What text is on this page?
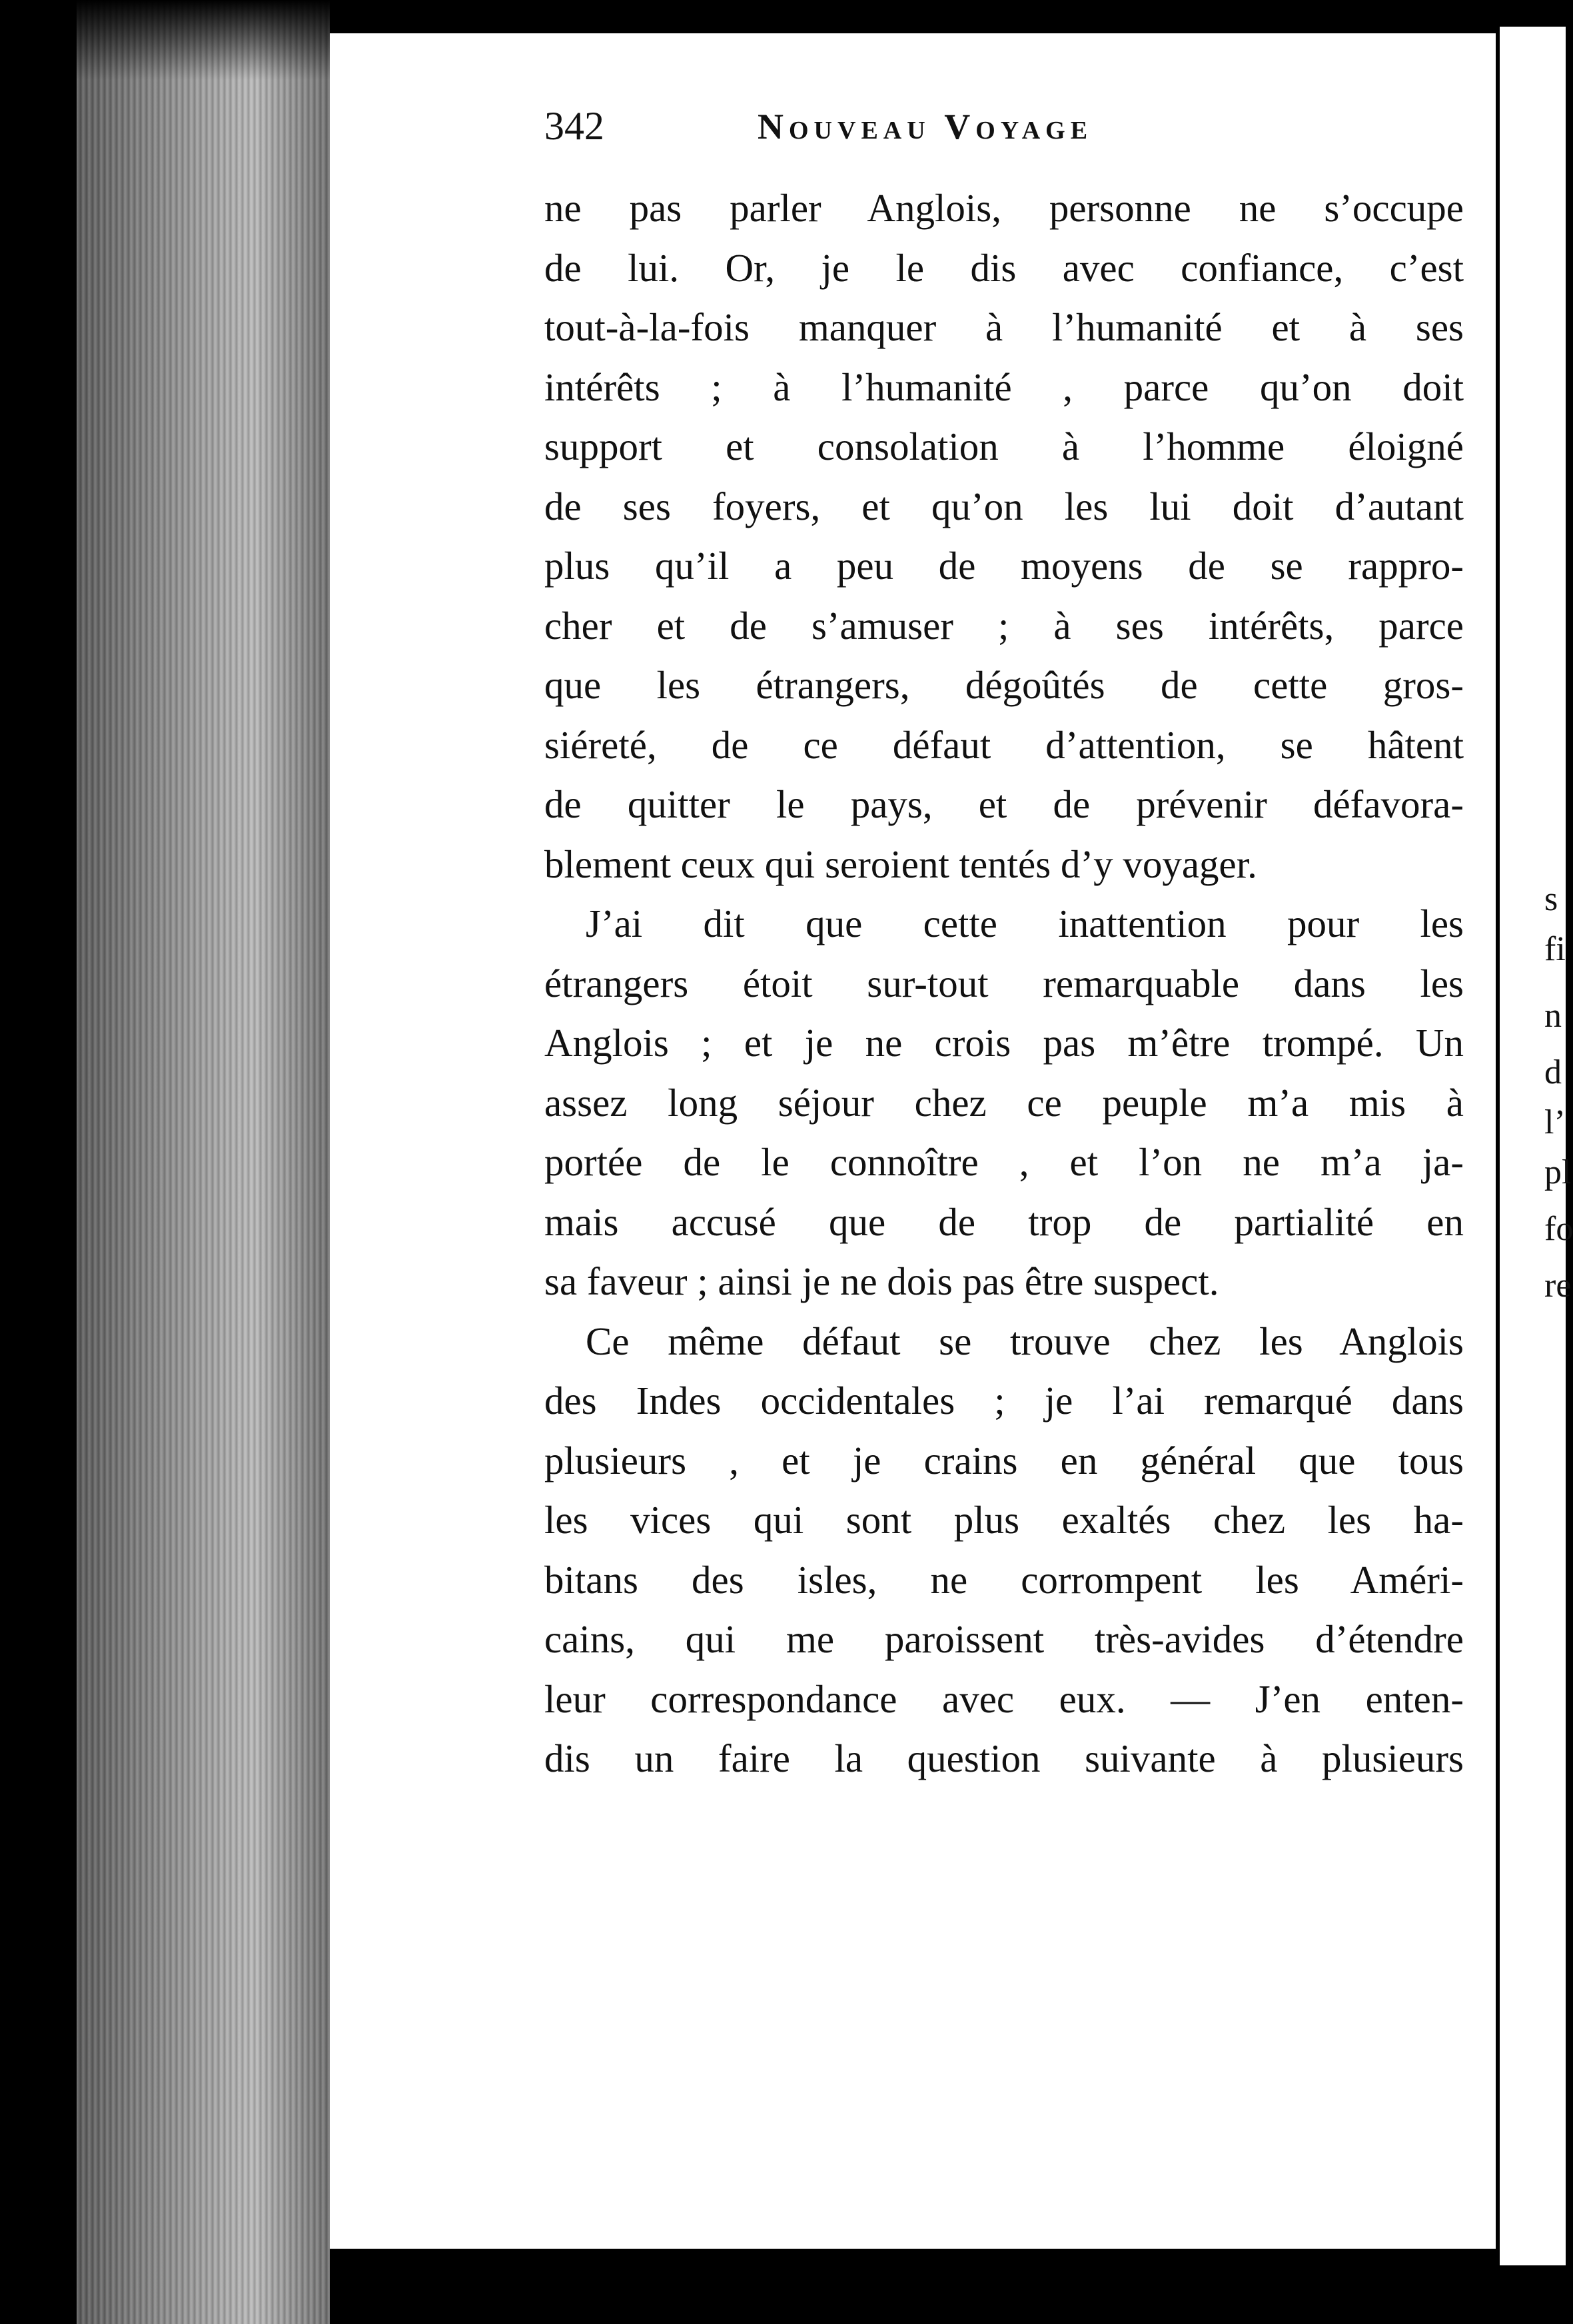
s
fi
n
d
l’
pl
fo
re
342	Nouveau Voyage
ne pas parler Anglois, personne ne s’occupe
de lui. Or, je le dis avec confiance, c’est
tout-à-la-fois manquer à l’humanité et à ses
intérêts ; à l’humanité , parce qu’on doit
support et consolation à l’homme éloigné
de ses foyers, et qu’on les lui doit d’autant
plus qu’il a peu de moyens de se rappro-
cher et de s’amuser ; à ses intérêts, parce
que les étrangers, dégoûtés de cette gros-
siéreté, de ce défaut d’attention, se hâtent
de quitter le pays, et de prévenir défavora-
blement ceux qui seroient tentés d’y voyager.
J’ai dit que cette inattention pour les
étrangers étoit sur-tout remarquable dans les
Anglois ; et je ne crois pas m’être trompé. Un
assez long séjour chez ce peuple m’a mis à
portée de le connoître , et l’on ne m’a ja-
mais accusé que de trop de partialité en
sa faveur ; ainsi je ne dois pas être suspect.
Ce même défaut se trouve chez les Anglois
des Indes occidentales ; je l’ai remarqué dans
plusieurs , et je crains en général que tous
les vices qui sont plus exaltés chez les ha-
bitans des isles, ne corrompent les Améri-
cains, qui me paroissent très-avides d’étendre
leur correspondance avec eux. — J’en enten-
dis un faire la question suivante à plusieurs
